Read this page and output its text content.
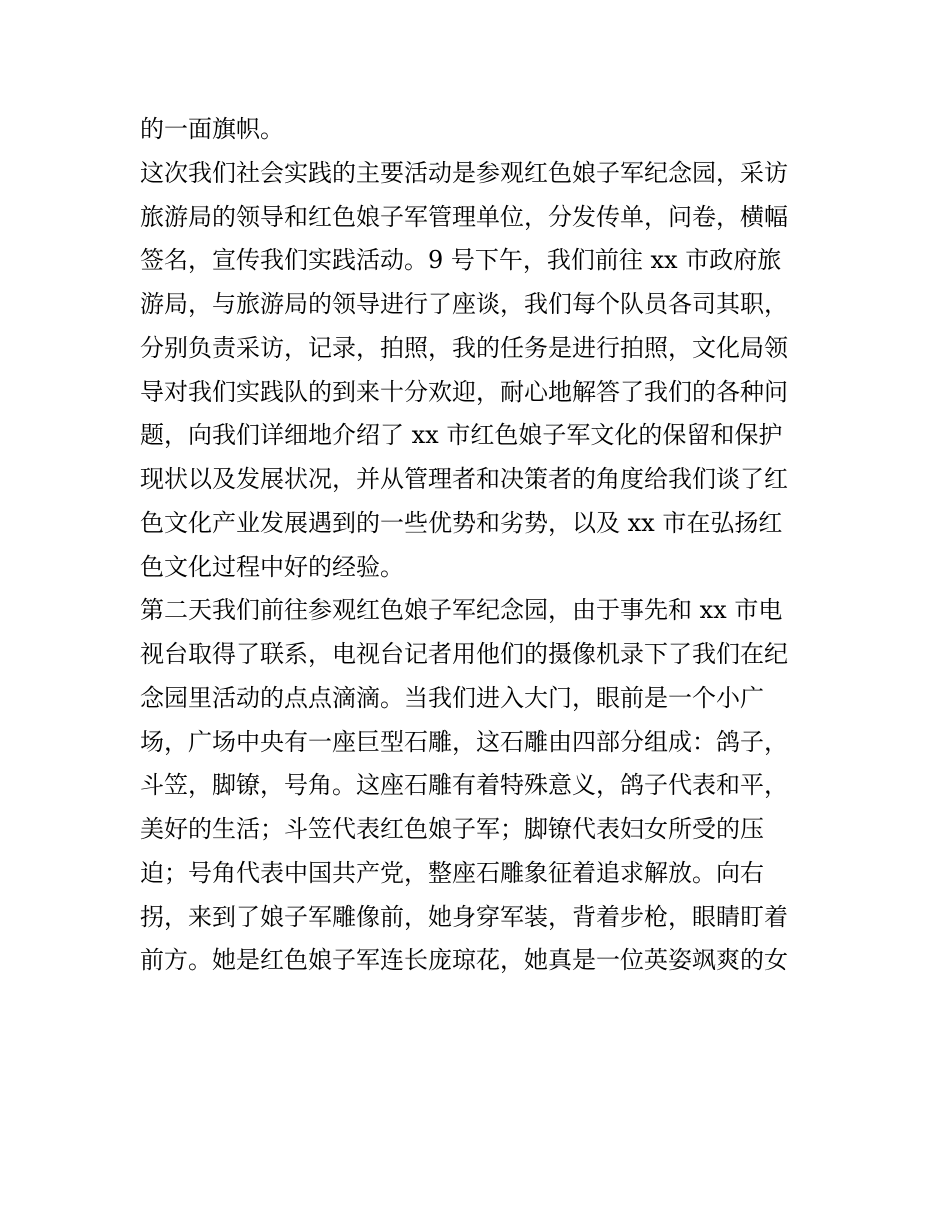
的一面旗帜。
这次我们社会实践的主要活动是参观红色娘子军纪念园，采访
旅游局的领导和红色娘子军管理单位，分发传单，问卷，横幅
签名，宣传我们实践活动。9 号下午，我们前往 xx 市政府旅
游局，与旅游局的领导进行了座谈，我们每个队员各司其职，
分别负责采访，记录，拍照，我的任务是进行拍照，文化局领
导对我们实践队的到来十分欢迎，耐心地解答了我们的各种问
题，向我们详细地介绍了 xx 市红色娘子军文化的保留和保护
现状以及发展状况，并从管理者和决策者的角度给我们谈了红
色文化产业发展遇到的一些优势和劣势，以及 xx 市在弘扬红
色文化过程中好的经验。
第二天我们前往参观红色娘子军纪念园，由于事先和 xx 市电
视台取得了联系，电视台记者用他们的摄像机录下了我们在纪
念园里活动的点点滴滴。当我们进入大门，眼前是一个小广
场，广场中央有一座巨型石雕，这石雕由四部分组成：鸽子，
斗笠，脚镣，号角。这座石雕有着特殊意义，鸽子代表和平，
美好的生活；斗笠代表红色娘子军；脚镣代表妇女所受的压
迫；号角代表中国共产党，整座石雕象征着追求解放。向右
拐，来到了娘子军雕像前，她身穿军装，背着步枪，眼睛盯着
前方。她是红色娘子军连长庞琼花，她真是一位英姿飒爽的女
